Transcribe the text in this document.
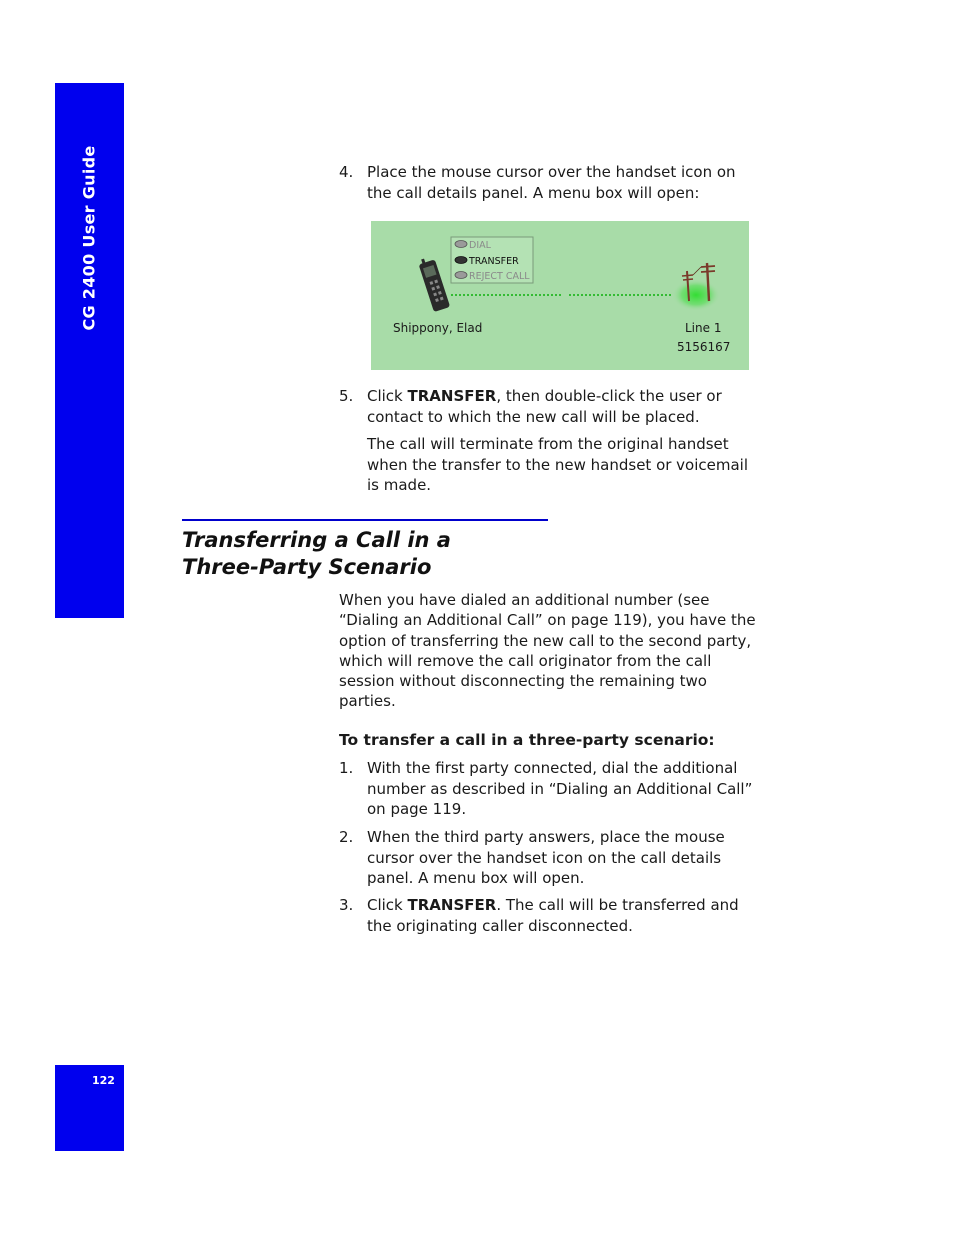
CG 2400 User Guide	4. Place the mouse cursor over the handset icon on the call details panel. A menu box will open:
DIAL
TRANSFER
REJECT CALL
Shippony, Elad	Line 1
5156167
5. Click TRANSFER, then double-click the user or contact to which the new call will be placed.
The call will terminate from the original handset when the transfer to the new handset or voicemail is made.
Transferring a Call in a
Three-Party Scenario
When you have dialed an additional number (see “Dialing an Additional Call” on page 119), you have the option of transferring the new call to the second party, which will remove the call originator from the call session without disconnecting the remaining two parties.
To transfer a call in a three-party scenario:
1. With the first party connected, dial the additional number as described in “Dialing an Additional Call” on page 119.
2. When the third party answers, place the mouse cursor over the handset icon on the call details panel. A menu box will open.
3. Click TRANSFER. The call will be transferred and the originating caller disconnected.
122
